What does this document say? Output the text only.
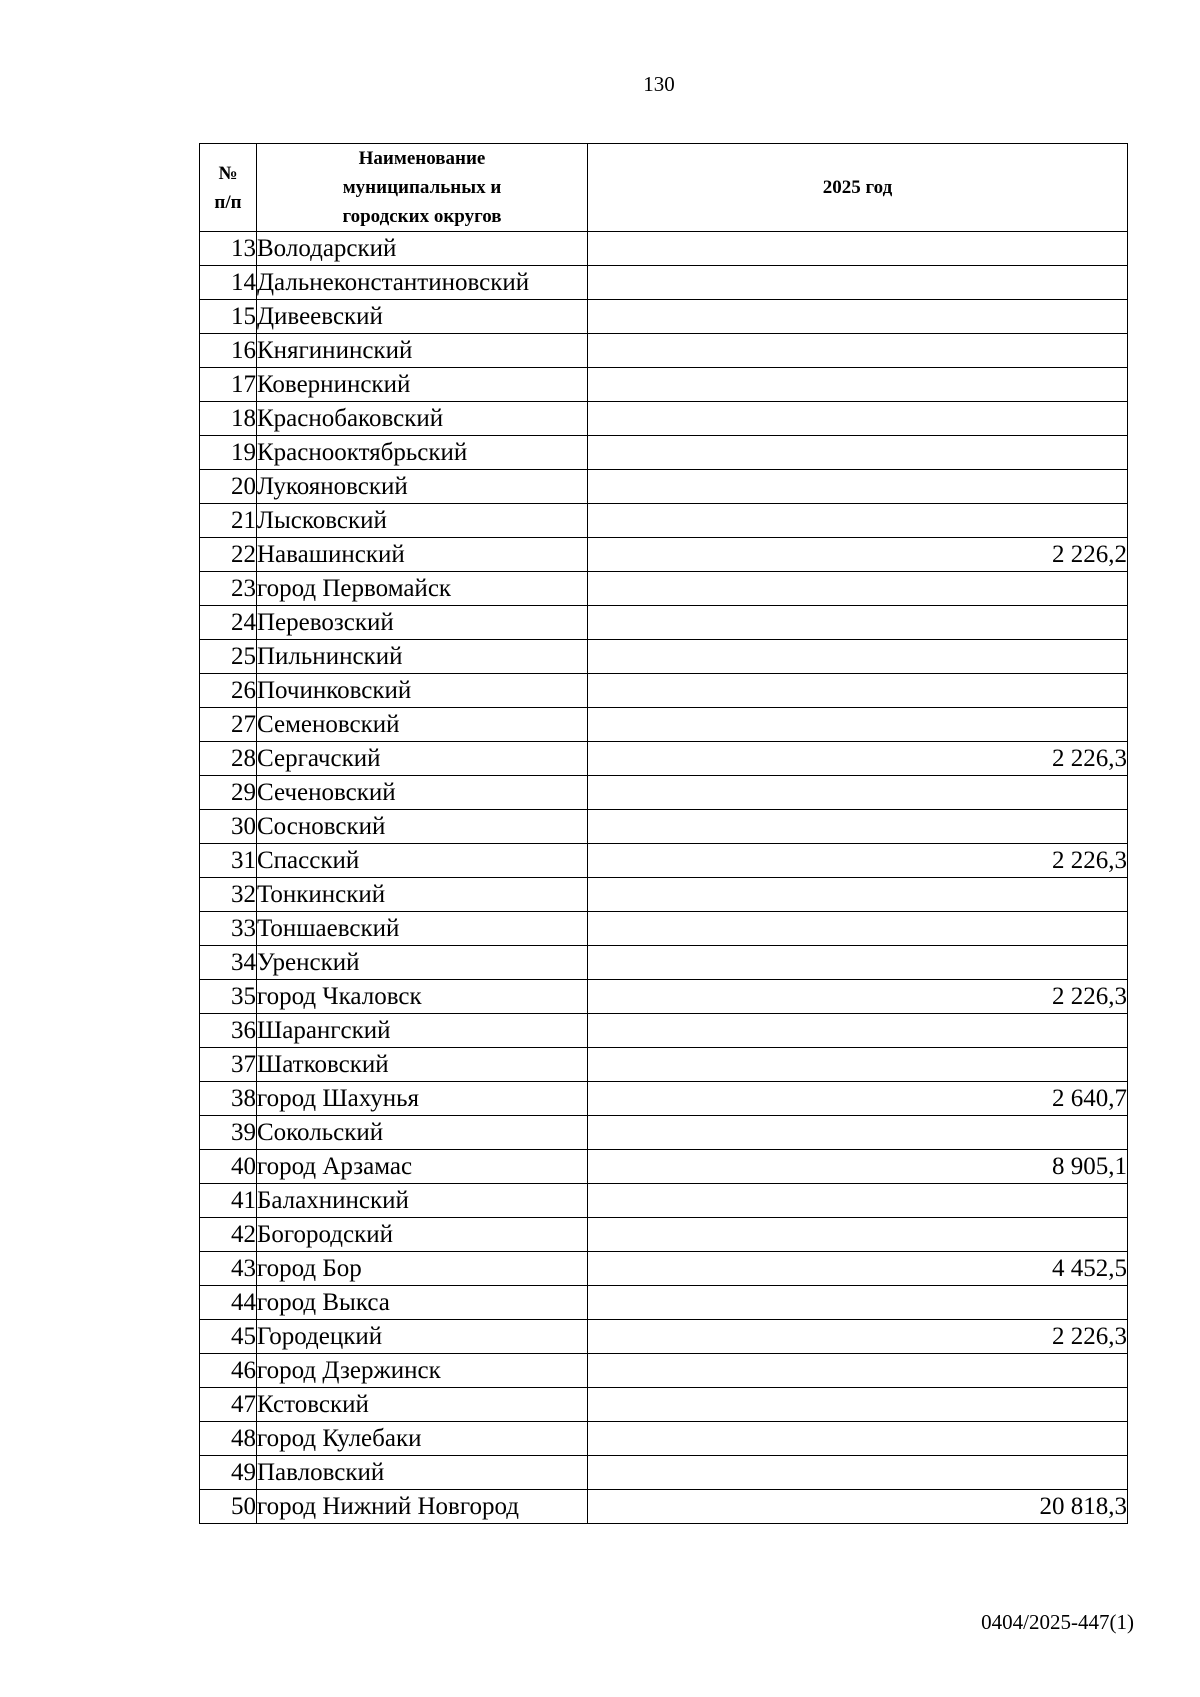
130
№ п/п	Наименование муниципальных и городских округов	2025 год
13	Володарский	
14	Дальнеконстантиновский	
15	Дивеевский	
16	Княгининский	
17	Ковернинский	
18	Краснобаковский	
19	Краснооктябрьский	
20	Лукояновский	
21	Лысковский	
22	Навашинский	2 226,2
23	город Первомайск	
24	Перевозский	
25	Пильнинский	
26	Починковский	
27	Семеновский	
28	Сергачский	2 226,3
29	Сеченовский	
30	Сосновский	
31	Спасский	2 226,3
32	Тонкинский	
33	Тоншаевский	
34	Уренский	
35	город Чкаловск	2 226,3
36	Шарангский	
37	Шатковский	
38	город Шахунья	2 640,7
39	Сокольский	
40	город Арзамас	8 905,1
41	Балахнинский	
42	Богородский	
43	город Бор	4 452,5
44	город Выкса	
45	Городецкий	2 226,3
46	город Дзержинск	
47	Кстовский	
48	город Кулебаки	
49	Павловский	
50	город Нижний Новгород	20 818,3
0404/2025-447(1)
